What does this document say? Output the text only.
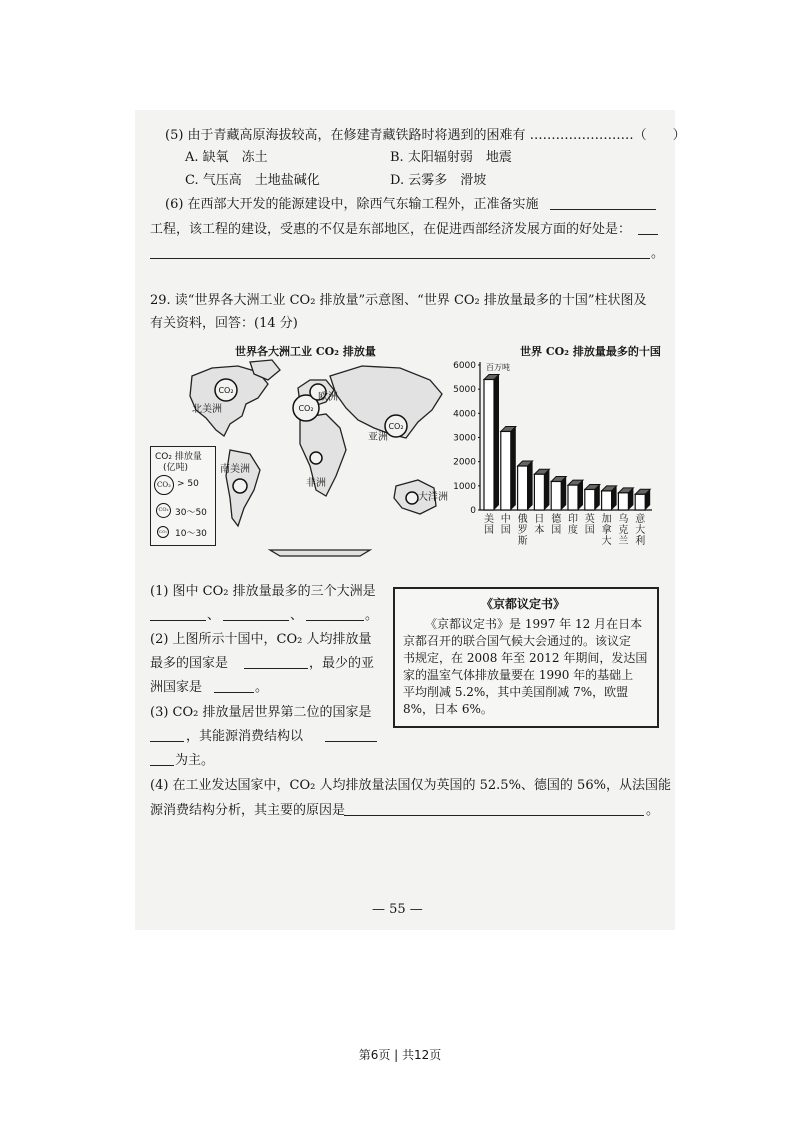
(5) 由于青藏高原海拔较高，在修建青藏铁路时将遇到的困难有 ……………………（　　）
A. 缺氧　冻土	B. 太阳辐射弱　地震
C. 气压高　土地盐碱化	D. 云雾多　滑坡
(6) 在西部大开发的能源建设中，除西气东输工程外，正准备实施
工程，该工程的建设，受惠的不仅是东部地区，在促进西部经济发展方面的好处是：
。
29. 读“世界各大洲工业 CO₂ 排放量”示意图、“世界 CO₂ 排放量最多的十国”柱状图及
有关资料，回答：(14 分)
世界各大洲工业 CO₂ 排放量
CO₂
CO₂
CO₂
北美洲
欧洲
亚洲
非洲
南美洲
大洋洲
CO₂ 排放量
(亿吨)
CO₂ > 50
CO₂ 30～50
CO₂ 10～30
世界 CO₂ 排放量最多的十国
0
1000
2000
3000
4000
5000
6000 百万吨
美国
中国
俄罗斯
日本
德国
印度
英国
加拿大
乌克兰
意大利
(1) 图中 CO₂ 排放量最多的三个大洲是
、	、	。
(2) 上图所示十国中，CO₂ 人均排放量
最多的国家是	，最少的亚
洲国家是	。
(3) CO₂ 排放量居世界第二位的国家是
，其能源消费结构以
为主。
(4) 在工业发达国家中，CO₂ 人均排放量法国仅为英国的 52.5%、德国的 56%，从法国能
源消费结构分析，其主要的原因是	。
《京都议定书》
《京都议定书》是 1997 年 12 月在日本
京都召开的联合国气候大会通过的。该议定
书规定，在 2008 年至 2012 年期间，发达国
家的温室气体排放量要在 1990 年的基础上
平均削减 5.2%，其中美国削减 7%，欧盟
8%，日本 6%。
— 55 —
第6页 | 共12页
